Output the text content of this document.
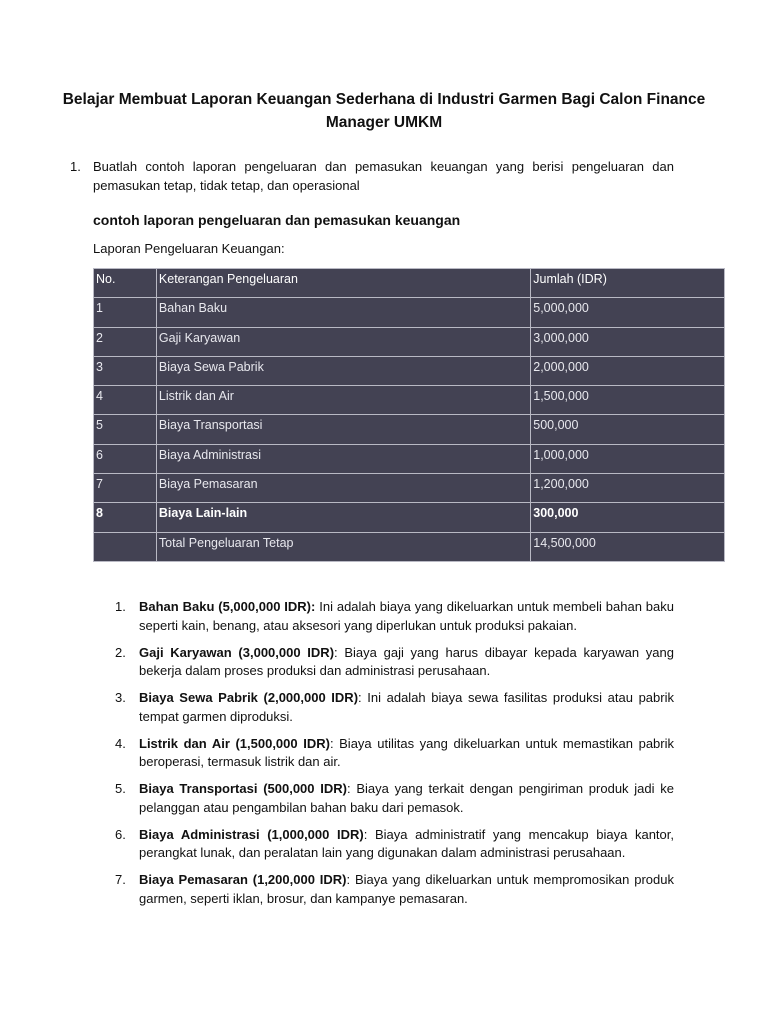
Belajar Membuat Laporan Keuangan Sederhana di Industri Garmen Bagi Calon Finance Manager UMKM
1. Buatlah contoh laporan pengeluaran dan pemasukan keuangan yang berisi pengeluaran dan pemasukan tetap, tidak tetap, dan operasional
contoh laporan pengeluaran dan pemasukan keuangan
Laporan Pengeluaran Keuangan:
No.	Keterangan Pengeluaran	Jumlah (IDR)
1	Bahan Baku	5,000,000
2	Gaji Karyawan	3,000,000
3	Biaya Sewa Pabrik	2,000,000
4	Listrik dan Air	1,500,000
5	Biaya Transportasi	500,000
6	Biaya Administrasi	1,000,000
7	Biaya Pemasaran	1,200,000
8	Biaya Lain-lain	300,000
	Total Pengeluaran Tetap	14,500,000
1. Bahan Baku (5,000,000 IDR): Ini adalah biaya yang dikeluarkan untuk membeli bahan baku seperti kain, benang, atau aksesori yang diperlukan untuk produksi pakaian.
2. Gaji Karyawan (3,000,000 IDR): Biaya gaji yang harus dibayar kepada karyawan yang bekerja dalam proses produksi dan administrasi perusahaan.
3. Biaya Sewa Pabrik (2,000,000 IDR): Ini adalah biaya sewa fasilitas produksi atau pabrik tempat garmen diproduksi.
4. Listrik dan Air (1,500,000 IDR): Biaya utilitas yang dikeluarkan untuk memastikan pabrik beroperasi, termasuk listrik dan air.
5. Biaya Transportasi (500,000 IDR): Biaya yang terkait dengan pengiriman produk jadi ke pelanggan atau pengambilan bahan baku dari pemasok.
6. Biaya Administrasi (1,000,000 IDR): Biaya administratif yang mencakup biaya kantor, perangkat lunak, dan peralatan lain yang digunakan dalam administrasi perusahaan.
7. Biaya Pemasaran (1,200,000 IDR): Biaya yang dikeluarkan untuk mempromosikan produk garmen, seperti iklan, brosur, dan kampanye pemasaran.
